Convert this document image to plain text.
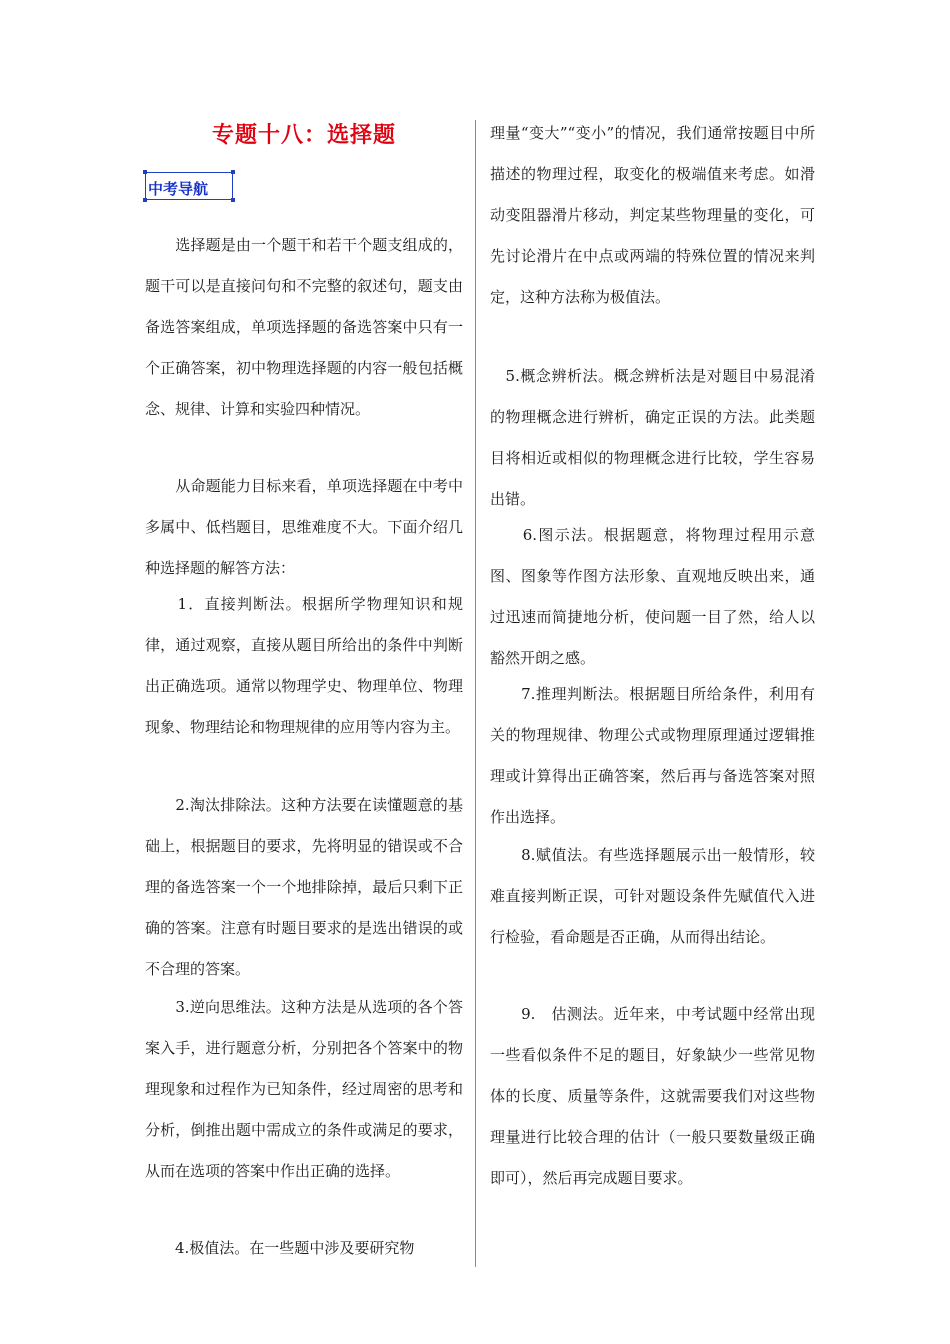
专题十八：选择题
中考导航
　　选择题是由一个题干和若干个题支组成的，题干可以是直接问句和不完整的叙述句，题支由备选答案组成，单项选择题的备选答案中只有一个正确答案，初中物理选择题的内容一般包括概念、规律、计算和实验四种情况。
　　从命题能力目标来看，单项选择题在中考中多属中、低档题目，思维难度不大。下面介绍几种选择题的解答方法：
　　1．直接判断法。根据所学物理知识和规律，通过观察，直接从题目所给出的条件中判断出正确选项。通常以物理学史、物理单位、物理现象、物理结论和物理规律的应用等内容为主。
　　2.淘汰排除法。这种方法要在读懂题意的基础上，根据题目的要求，先将明显的错误或不合理的备选答案一个一个地排除掉，最后只剩下正确的答案。注意有时题目要求的是选出错误的或不合理的答案。
　　3.逆向思维法。这种方法是从选项的各个答案入手，进行题意分析，分别把各个答案中的物理现象和过程作为已知条件，经过周密的思考和分析，倒推出题中需成立的条件或满足的要求，从而在选项的答案中作出正确的选择。
　　4.极值法。在一些题中涉及要研究物
理量“变大”“变小”的情况，我们通常按题目中所描述的物理过程，取变化的极端值来考虑。如滑动变阻器滑片移动，判定某些物理量的变化，可先讨论滑片在中点或两端的特殊位置的情况来判定，这种方法称为极值法。
　5.概念辨析法。概念辨析法是对题目中易混淆的物理概念进行辨析，确定正误的方法。此类题目将相近或相似的物理概念进行比较，学生容易出错。
　　6.图示法。根据题意，将物理过程用示意图、图象等作图方法形象、直观地反映出来，通过迅速而简捷地分析，使问题一目了然，给人以豁然开朗之感。
　　7.推理判断法。根据题目所给条件，利用有关的物理规律、物理公式或物理原理通过逻辑推理或计算得出正确答案，然后再与备选答案对照作出选择。
　　8.赋值法。有些选择题展示出一般情形，较难直接判断正误，可针对题设条件先赋值代入进行检验，看命题是否正确，从而得出结论。
　　9.　估测法。近年来，中考试题中经常出现一些看似条件不足的题目，好象缺少一些常见物体的长度、质量等条件，这就需要我们对这些物理量进行比较合理的估计（一般只要数量级正确即可），然后再完成题目要求。
